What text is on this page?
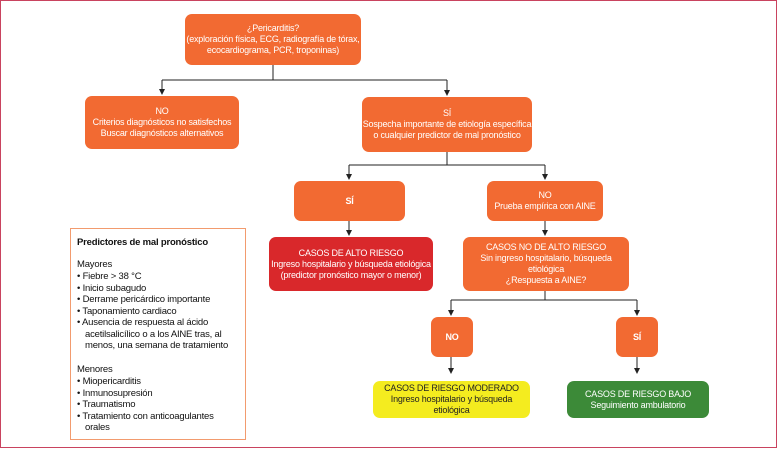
¿Pericarditis?
(exploración física, ECG, radiografía de tórax,
ecocardiograma, PCR, troponinas)
NO
Criterios diagnósticos no satisfechos
Buscar diagnósticos alternativos
SÍ
Sospecha importante de etiología específica
o cualquier predictor de mal pronóstico
SÍ
NO
Prueba empírica con AINE
CASOS DE ALTO RIESGO
Ingreso hospitalario y búsqueda etiológica
(predictor pronóstico mayor o menor)
CASOS NO DE ALTO RIESGO
Sin ingreso hospitalario, búsqueda etiológica
¿Respuesta a AINE?
NO	SÍ
CASOS DE RIESGO MODERADO
Ingreso hospitalario y búsqueda etiológica
CASOS DE RIESGO BAJO
Seguimiento ambulatorio
Predictores de mal pronóstico
Mayores
• Fiebre > 38 °C
• Inicio subagudo
• Derrame pericárdico importante
• Taponamiento cardiaco
• Ausencia de respuesta al ácido acetilsalicílico o a los AINE tras, al menos, una semana de tratamiento
Menores
• Miopericarditis
• Inmunosupresión
• Traumatismo
• Tratamiento con anticoagulantes orales
